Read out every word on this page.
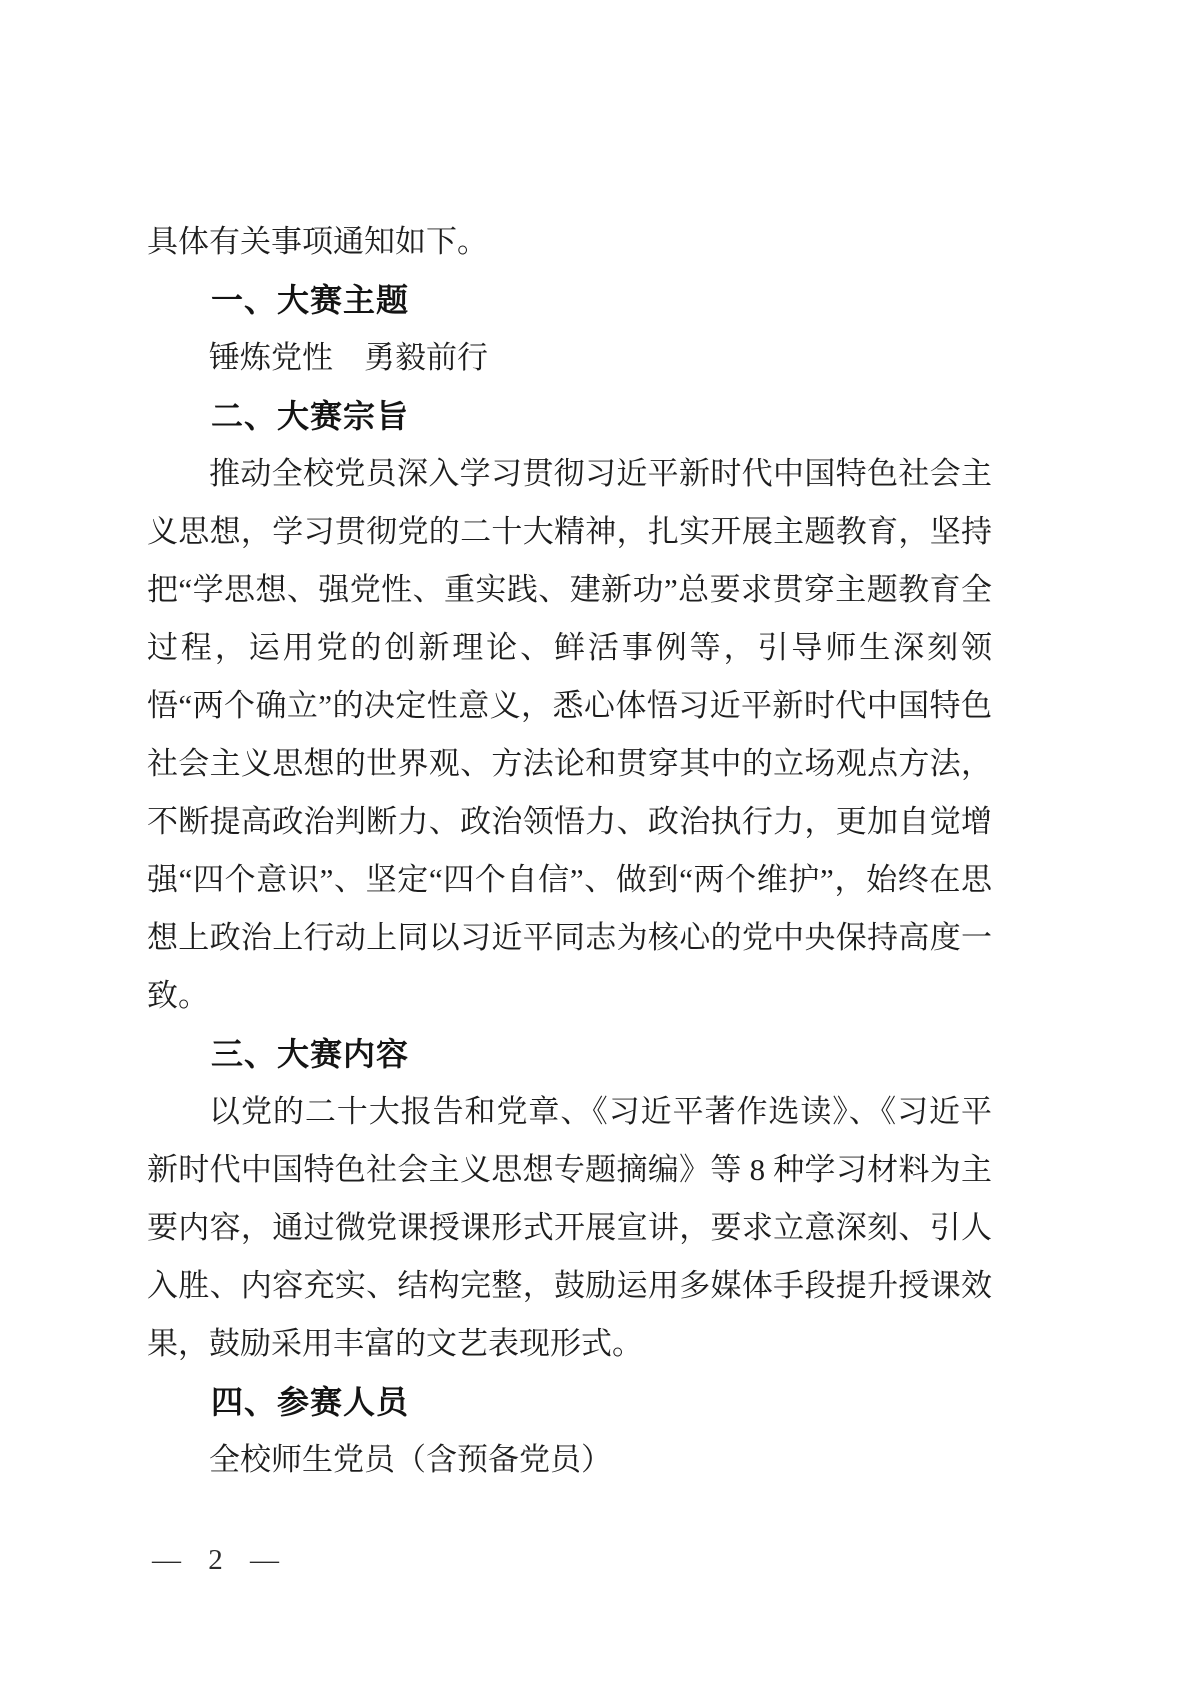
具体有关事项通知如下。

一、大赛主题

锤炼党性　勇毅前行

二、大赛宗旨

推动全校党员深入学习贯彻习近平新时代中国特色社会主义思想，学习贯彻党的二十大精神，扎实开展主题教育，坚持把“学思想、强党性、重实践、建新功”总要求贯穿主题教育全过程，运用党的创新理论、鲜活事例等，引导师生深刻领悟“两个确立”的决定性意义，悉心体悟习近平新时代中国特色社会主义思想的世界观、方法论和贯穿其中的立场观点方法，不断提高政治判断力、政治领悟力、政治执行力，更加自觉增强“四个意识”、坚定“四个自信”、做到“两个维护”，始终在思想上政治上行动上同以习近平同志为核心的党中央保持高度一致。

三、大赛内容

以党的二十大报告和党章、《习近平著作选读》、《习近平新时代中国特色社会主义思想专题摘编》等 8 种学习材料为主要内容，通过微党课授课形式开展宣讲，要求立意深刻、引人入胜、内容充实、结构完整，鼓励运用多媒体手段提升授课效果，鼓励采用丰富的文艺表现形式。

四、参赛人员

全校师生党员（含预备党员）

— 2 —
